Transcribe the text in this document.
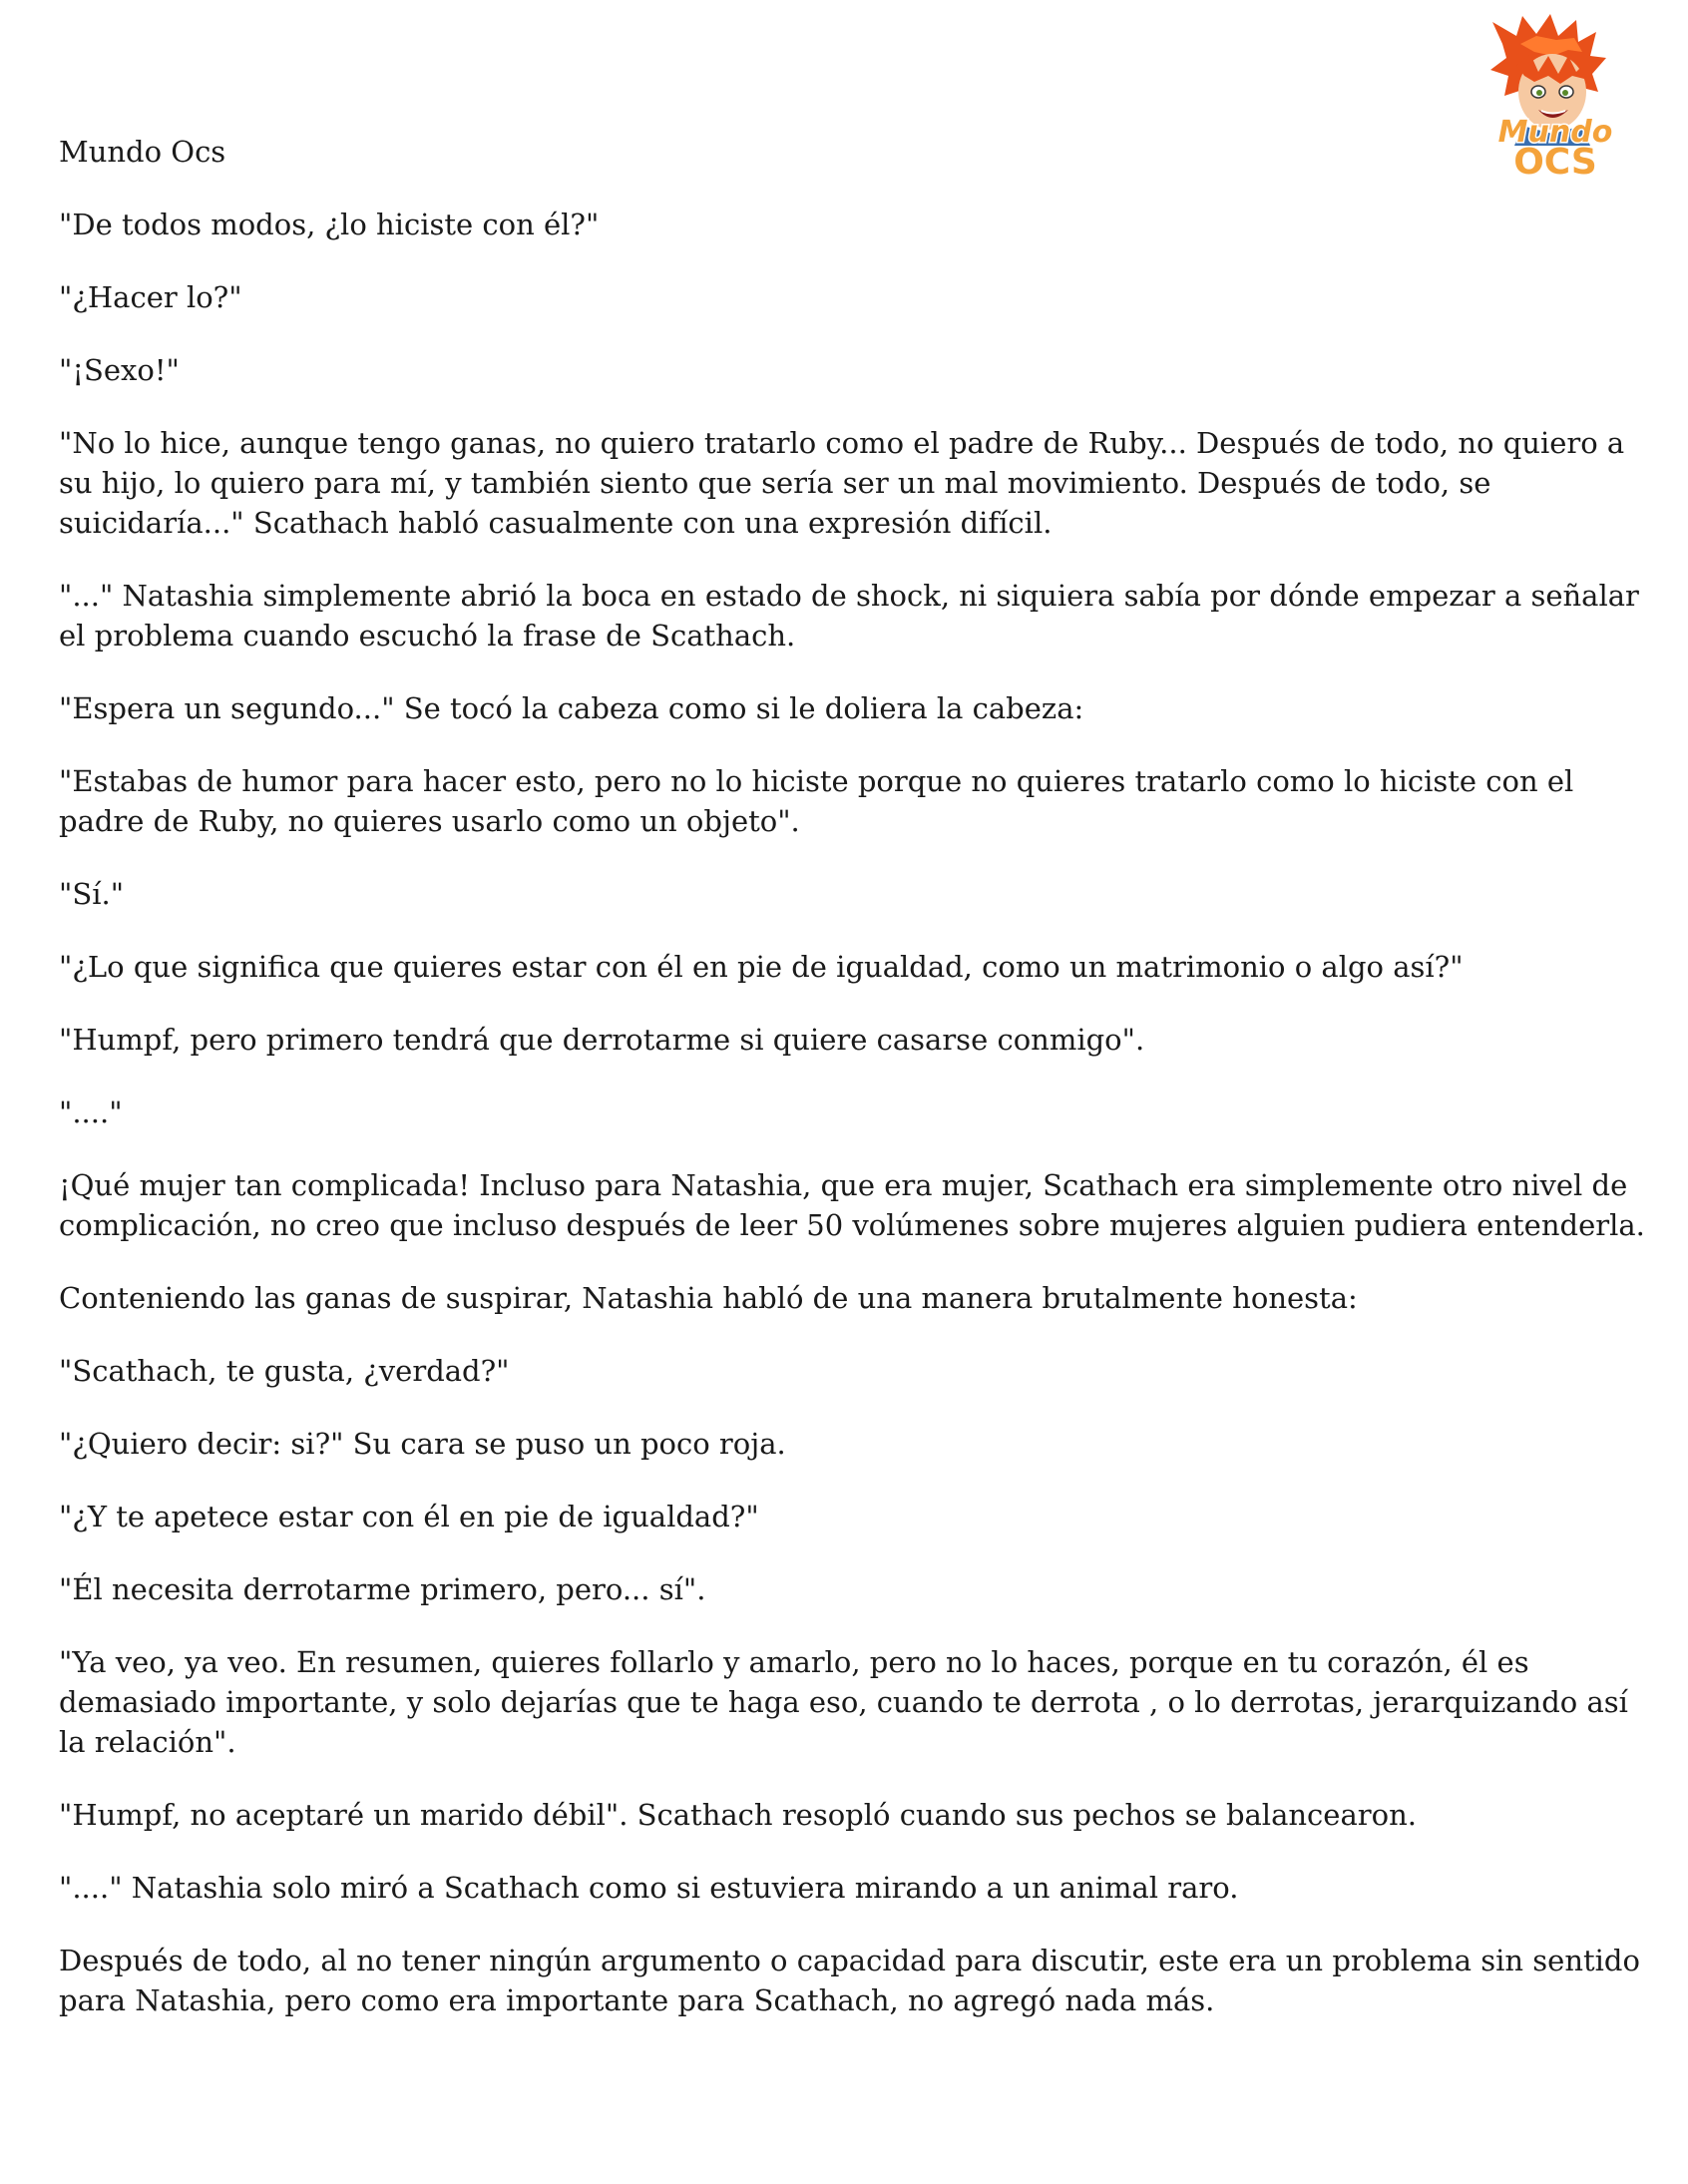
Mundo
OCS

Mundo Ocs

"De todos modos, ¿lo hiciste con él?"

"¿Hacer lo?"

"¡Sexo!"

"No lo hice, aunque tengo ganas, no quiero tratarlo como el padre de Ruby... Después de todo, no quiero a su hijo, lo quiero para mí, y también siento que sería ser un mal movimiento. Después de todo, se suicidaría..." Scathach habló casualmente con una expresión difícil.

"..." Natashia simplemente abrió la boca en estado de shock, ni siquiera sabía por dónde empezar a señalar el problema cuando escuchó la frase de Scathach.

"Espera un segundo..." Se tocó la cabeza como si le doliera la cabeza:

"Estabas de humor para hacer esto, pero no lo hiciste porque no quieres tratarlo como lo hiciste con el padre de Ruby, no quieres usarlo como un objeto".

"Sí."

"¿Lo que significa que quieres estar con él en pie de igualdad, como un matrimonio o algo así?"

"Humpf, pero primero tendrá que derrotarme si quiere casarse conmigo".

"...."

¡Qué mujer tan complicada! Incluso para Natashia, que era mujer, Scathach era simplemente otro nivel de complicación, no creo que incluso después de leer 50 volúmenes sobre mujeres alguien pudiera entenderla.

Conteniendo las ganas de suspirar, Natashia habló de una manera brutalmente honesta:

"Scathach, te gusta, ¿verdad?"

"¿Quiero decir: si?" Su cara se puso un poco roja.

"¿Y te apetece estar con él en pie de igualdad?"

"Él necesita derrotarme primero, pero... sí".

"Ya veo, ya veo. En resumen, quieres follarlo y amarlo, pero no lo haces, porque en tu corazón, él es demasiado importante, y solo dejarías que te haga eso, cuando te derrota , o lo derrotas, jerarquizando así la relación".

"Humpf, no aceptaré un marido débil". Scathach resopló cuando sus pechos se balancearon.

"...." Natashia solo miró a Scathach como si estuviera mirando a un animal raro.

Después de todo, al no tener ningún argumento o capacidad para discutir, este era un problema sin sentido para Natashia, pero como era importante para Scathach, no agregó nada más.
